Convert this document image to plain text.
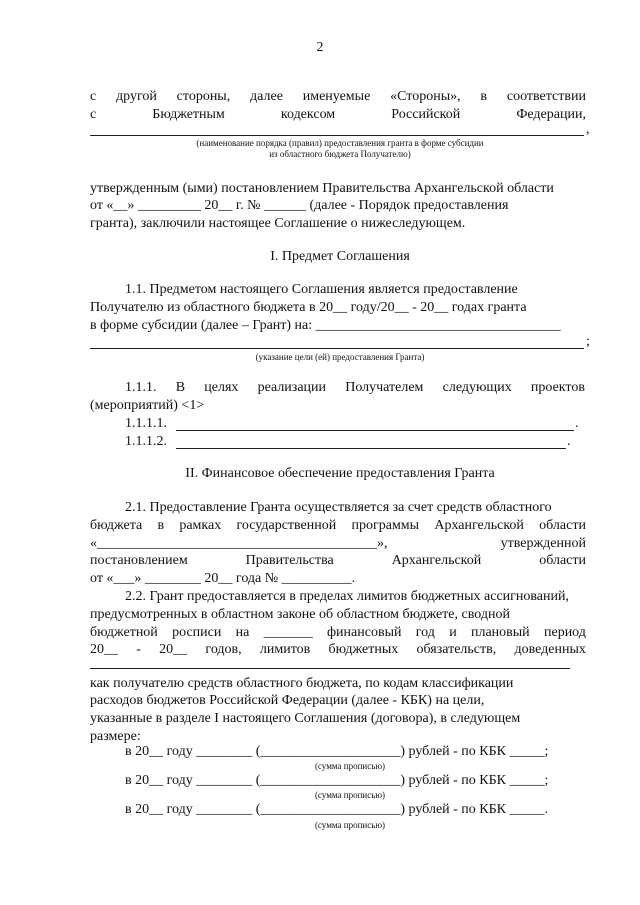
2
с другой стороны, далее именуемые «Стороны», в соответствии
с	Бюджетным	кодексом	Российской	Федерации,
,
(наименование порядка (правил) предоставления гранта в форме субсидии
из областного бюджета Получателю)
утвержденным (ыми) постановлением Правительства Архангельской области
от «__» _________ 20__ г. № ______ (далее - Порядок предоставления
гранта), заключили настоящее Соглашение о нижеследующем.
I. Предмет Соглашения
1.1. Предметом настоящего Соглашения является предоставление
Получателю из областного бюджета в 20__ году/20__ - 20__ годах гранта
в форме субсидии (далее – Грант) на: ___________________________________
;
(указание цели (ей) предоставления Гранта)
1.1.1. В целях реализации Получателем следующих проектов
(мероприятий) <1>
1.1.1.1.	.
1.1.1.2.	.
II. Финансовое обеспечение предоставления Гранта
2.1. Предоставление Гранта осуществляется за счет средств областного
бюджета в рамках государственной программы Архангельской области
«________________________________________»,	утвержденной
постановлением	Правительства	Архангельской	области
от «___» ________ 20__ года № __________.
2.2. Грант предоставляется в пределах лимитов бюджетных ассигнований,
предусмотренных в областном законе об областном бюджете, сводной
бюджетной росписи на _______ финансовый год и плановый период
20__ - 20__ годов, лимитов бюджетных обязательств, доведенных
как получателю средств областного бюджета, по кодам классификации
расходов бюджетов Российской Федерации (далее - КБК) на цели,
указанные в разделе I настоящего Соглашения (договора), в следующем
размере:
в 20__ году ________ (____________________) рублей - по КБК _____;
(сумма прописью)
в 20__ году ________ (____________________) рублей - по КБК _____;
(сумма прописью)
в 20__ году ________ (____________________) рублей - по КБК _____.
(сумма прописью)
